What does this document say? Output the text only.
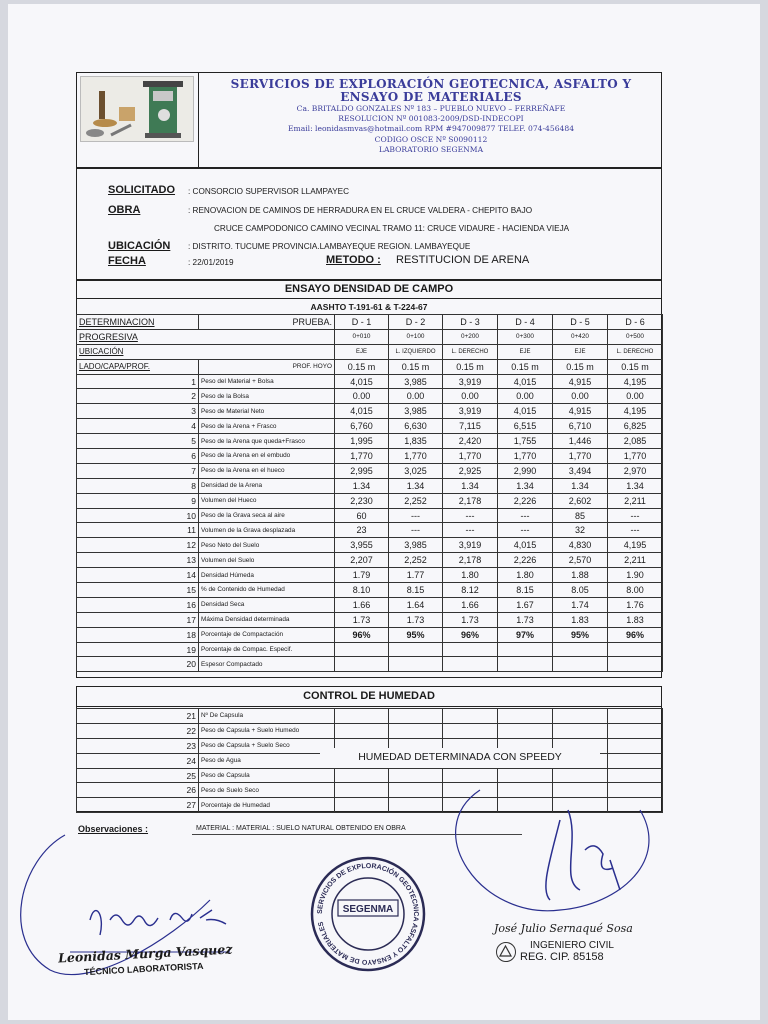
SERVICIOS DE EXPLORACIÓN GEOTECNICA, ASFALTO Y ENSAYO DE MATERIALES
Ca. BRITALDO GONZALES Nº 183 – PUEBLO NUEVO – FERREÑAFE
RESOLUCION Nº 001083-2009/DSD-INDECOPI
Email: leonidasmvas@hotmail.com RPM #947009877 TELEF. 074-456484
CODIGO OSCE Nº S0090112
LABORATORIO SEGENMA
SOLICITADO : CONSORCIO SUPERVISOR LLAMPAYEC
OBRA	: RENOVACION DE CAMINOS DE HERRADURA EN EL CRUCE VALDERA - CHEPITO BAJO
CRUCE CAMPODONICO CAMINO VECINAL TRAMO 11: CRUCE VIDAURE - HACIENDA VIEJA
UBICACIÓN : DISTRITO. TUCUME PROVINCIA.LAMBAYEQUE REGION. LAMBAYEQUE
FECHA	: 22/01/2019	METODO : RESTITUCION DE ARENA
ENSAYO DENSIDAD DE CAMPO
AASHTO T-191-61 & T-224-67
DETERMINACION	PRUEBA.	D - 1	D - 2	D - 3	D - 4	D - 5	D - 6
PROGRESIVA		0+010	0+100	0+200	0+300	0+420	0+500
UBICACIÓN		EJE	L. IZQUIERDO	L. DERECHO	EJE	EJE	L. DERECHO
LADO/CAPA/PROF.	PROF. HOYO	0.15 m	0.15 m	0.15 m	0.15 m	0.15 m	0.15 m
1	Peso del Material + Bolsa	4,015	3,985	3,919	4,015	4,915	4,195
2	Peso de la Bolsa	0.00	0.00	0.00	0.00	0.00	0.00
3	Peso de Material Neto	4,015	3,985	3,919	4,015	4,915	4,195
4	Peso de la Arena + Frasco	6,760	6,630	7,115	6,515	6,710	6,825
5	Peso de la Arena que queda+Frasco	1,995	1,835	2,420	1,755	1,446	2,085
6	Peso de la Arena en el embudo	1,770	1,770	1,770	1,770	1,770	1,770
7	Peso de la Arena en el hueco	2,995	3,025	2,925	2,990	3,494	2,970
8	Densidad de la Arena	1.34	1.34	1.34	1.34	1.34	1.34
9	Volumen del Hueco	2,230	2,252	2,178	2,226	2,602	2,211
10	Peso de la Grava seca al aire	60	---	---	---	85	---
11	Volumen de la Grava desplazada	23	---	---	---	32	---
12	Peso Neto del Suelo	3,955	3,985	3,919	4,015	4,830	4,195
13	Volumen del Suelo	2,207	2,252	2,178	2,226	2,570	2,211
14	Densidad Húmeda	1.79	1.77	1.80	1.80	1.88	1.90
15	% de Contenido de Humedad	8.10	8.15	8.12	8.15	8.05	8.00
16	Densidad Seca	1.66	1.64	1.66	1.67	1.74	1.76
17	Máxima Densidad determinada	1.73	1.73	1.73	1.73	1.83	1.83
18	Porcentaje de Compactación	96%	95%	96%	97%	95%	96%
19	Porcentaje de Compac. Especif.						
20	Espesor Compactado						
CONTROL DE HUMEDAD
21	Nº De Capsula						
22	Peso de Capsula + Suelo Humedo						
23	Peso de Capsula + Suelo Seco						
24	Peso de Agua						
25	Peso de Capsula						
26	Peso de Suelo Seco						
27	Porcentaje de Humedad						
HUMEDAD DETERMINADA CON SPEEDY
Observaciones :	MATERIAL : MATERIAL : SUELO NATURAL OBTENIDO EN OBRA
Leonidas Murga Vasquez
TÉCNICO LABORATORISTA
SERVICIOS DE EXPLORACIÓN GEOTECNICA ASFALTO Y ENSAYO DE MATERIALES
SEGENMA
José Julio Sernaqué Sosa
INGENIERO CIVIL
REG. CIP. 85158
